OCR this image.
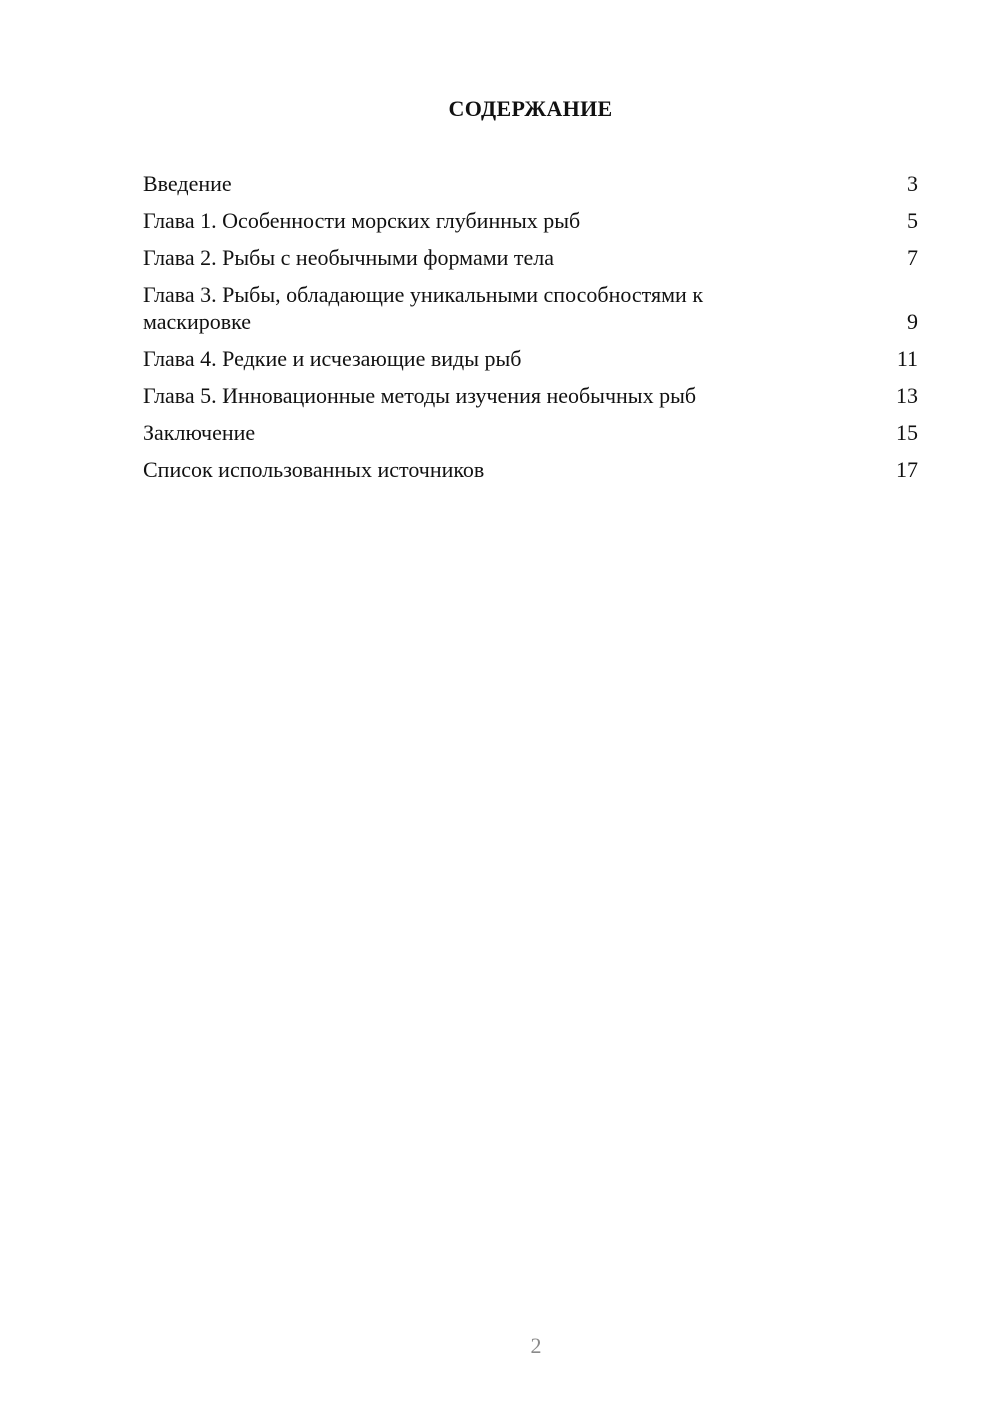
СОДЕРЖАНИЕ
Введение	3
Глава 1. Особенности морских глубинных рыб	5
Глава 2. Рыбы с необычными формами тела	7
Глава 3. Рыбы, обладающие уникальными способностями к маскировке	9
Глава 4. Редкие и исчезающие виды рыб	11
Глава 5. Инновационные методы изучения необычных рыб	13
Заключение	15
Список использованных источников	17
2
